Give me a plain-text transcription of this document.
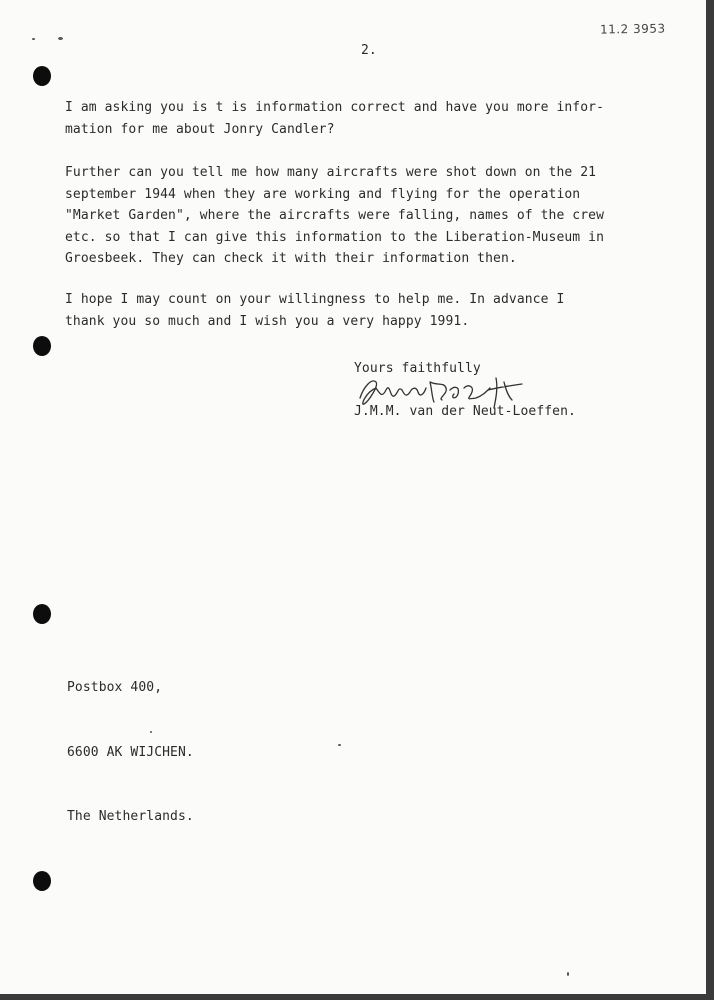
11.2 3953
2.
I am asking you is t is information correct and have you more infor-
mation for me about Jonry Candler?
Further can you tell me how many aircrafts were shot down on the 21
september 1944 when they are working and flying for the operation
"Market Garden", where the aircrafts were falling, names of the crew
etc. so that I can give this information to the Liberation-Museum in
Groesbeek. They can check it with their information then.
I hope I may count on your willingness to help me. In advance I
thank you so much and I wish you a very happy 1991.
Yours faithfully
J.M.M. van der Neut-Loeffen.

Postbox 400,

6600 AK WIJCHEN.

The Netherlands.
